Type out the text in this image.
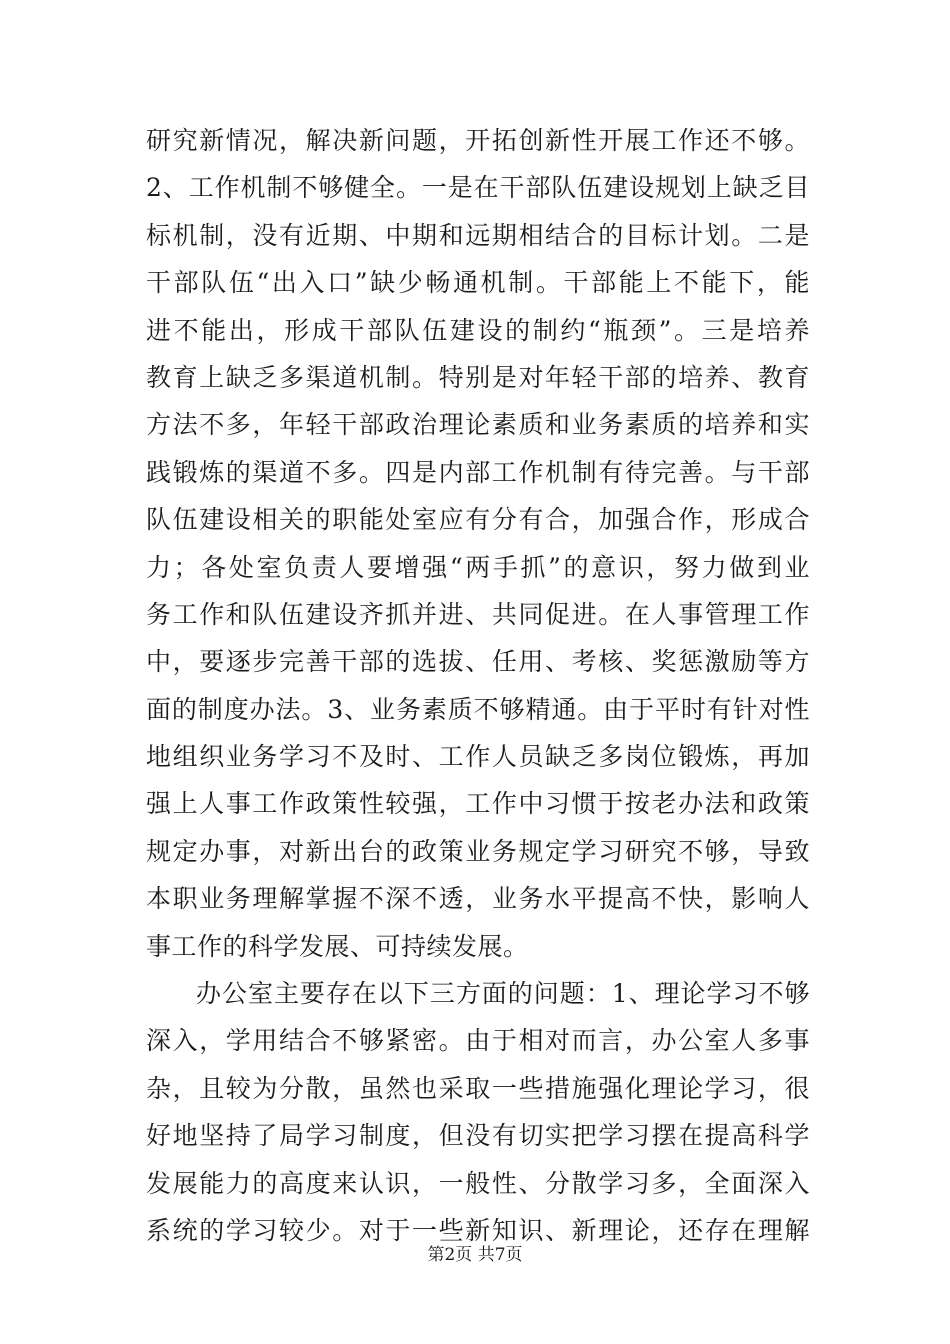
研究新情况，解决新问题，开拓创新性开展工作还不够。
2、工作机制不够健全。一是在干部队伍建设规划上缺乏目
标机制，没有近期、中期和远期相结合的目标计划。二是
干部队伍“出入口”缺少畅通机制。干部能上不能下，能
进不能出，形成干部队伍建设的制约“瓶颈”。三是培养
教育上缺乏多渠道机制。特别是对年轻干部的培养、教育
方法不多，年轻干部政治理论素质和业务素质的培养和实
践锻炼的渠道不多。四是内部工作机制有待完善。与干部
队伍建设相关的职能处室应有分有合，加强合作，形成合
力；各处室负责人要增强“两手抓”的意识，努力做到业
务工作和队伍建设齐抓并进、共同促进。在人事管理工作
中，要逐步完善干部的选拔、任用、考核、奖惩激励等方
面的制度办法。3、业务素质不够精通。由于平时有针对性
地组织业务学习不及时、工作人员缺乏多岗位锻炼，再加
强上人事工作政策性较强，工作中习惯于按老办法和政策
规定办事，对新出台的政策业务规定学习研究不够，导致
本职业务理解掌握不深不透，业务水平提高不快，影响人
事工作的科学发展、可持续发展。
办公室主要存在以下三方面的问题：1、理论学习不够
深入，学用结合不够紧密。由于相对而言，办公室人多事
杂，且较为分散，虽然也采取一些措施强化理论学习，很
好地坚持了局学习制度，但没有切实把学习摆在提高科学
发展能力的高度来认识，一般性、分散学习多，全面深入
系统的学习较少。对于一些新知识、新理论，还存在理解
第2页 共7页
